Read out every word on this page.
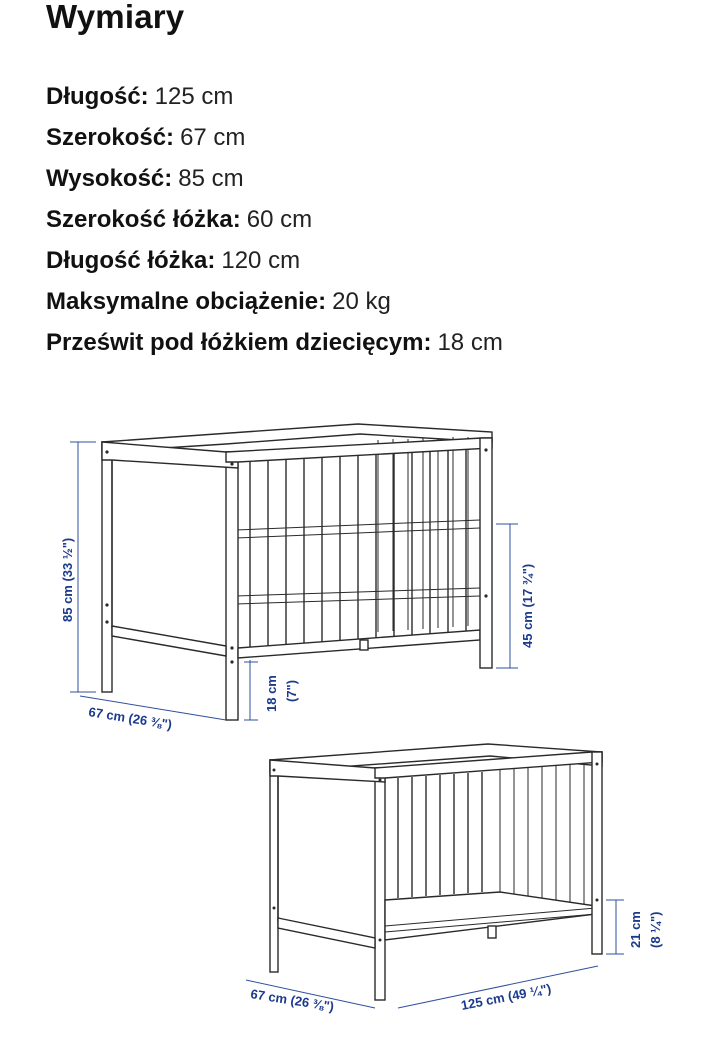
Wymiary
Długość: 125 cm
Szerokość: 67 cm
Wysokość: 85 cm
Szerokość łóżka: 60 cm
Długość łóżka: 120 cm
Maksymalne obciążenie: 20 kg
Prześwit pod łóżkiem dziecięcym: 18 cm
85 cm (33 ½")
67 cm (26 ⅜")
18 cm (7")
45 cm (17 ¾")
21 cm (8 ¼")
67 cm (26 ⅜")	125 cm (49 ¼")
